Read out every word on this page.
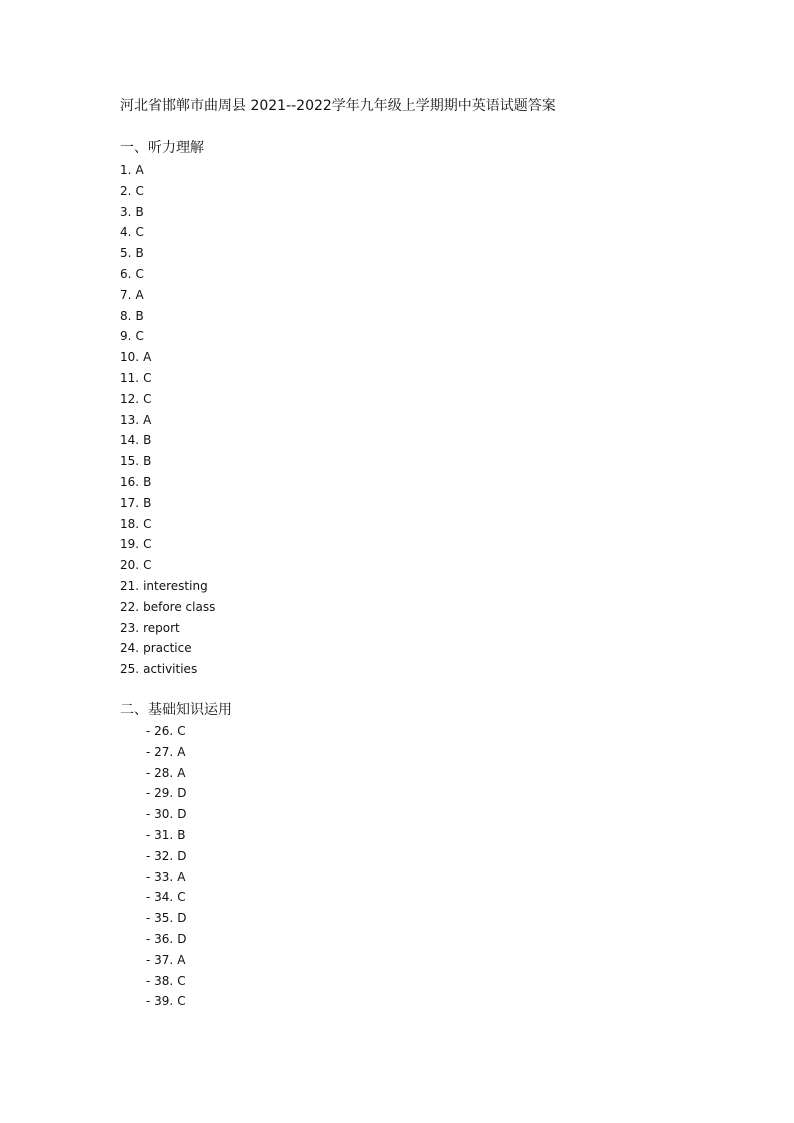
河北省邯郸市曲周县 2021--2022学年九年级上学期期中英语试题答案
一、听力理解
1. A
2. C
3. B
4. C
5. B
6. C
7. A
8. B
9. C
10. A
11. C
12. C
13. A
14. B
15. B
16. B
17. B
18. C
19. C
20. C
21. interesting
22. before class
23. report
24. practice
25. activities
二、基础知识运用
- 26. C
- 27. A
- 28. A
- 29. D
- 30. D
- 31. B
- 32. D
- 33. A
- 34. C
- 35. D
- 36. D
- 37. A
- 38. C
- 39. C
